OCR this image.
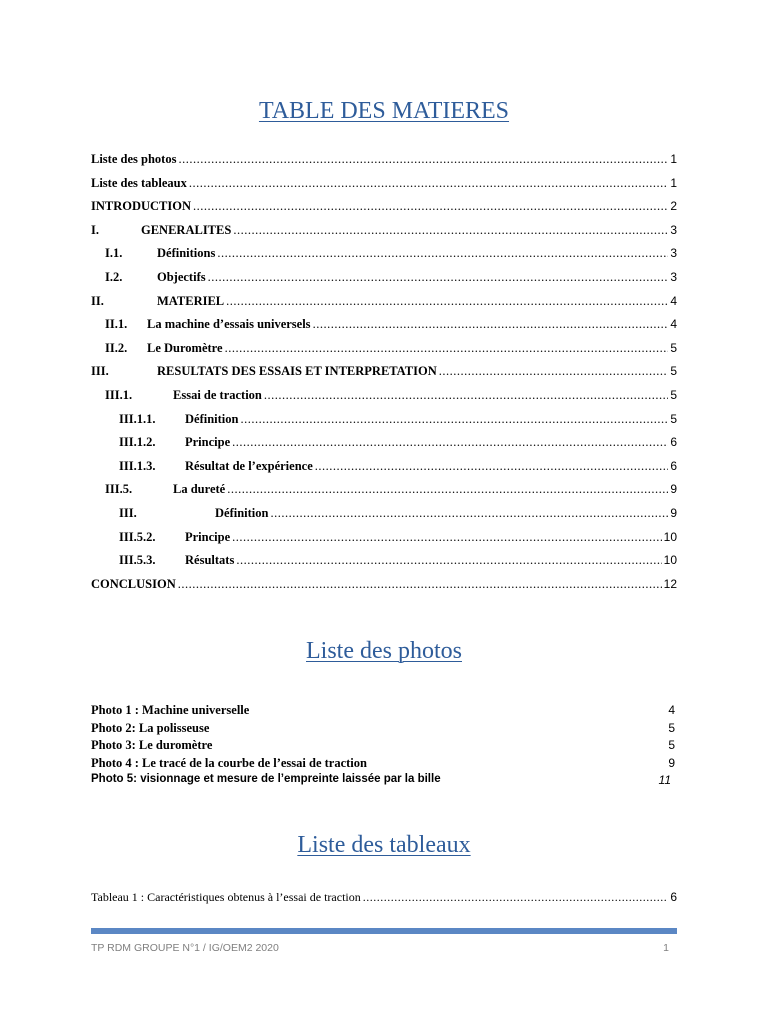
TABLE DES MATIERES
Liste des photos .....	1
Liste des tableaux .....	1
INTRODUCTION .....	2
I.	GENERALITES .....	3
I.1.	Définitions .....	3
I.2.	Objectifs .....	3
II.	MATERIEL .....	4
II.1.	La machine d’essais universels .....	4
II.2.	Le Duromètre .....	5
III.	RESULTATS DES ESSAIS ET INTERPRETATION .....	5
III.1.	Essai de traction .....	5
III.1.1.	Définition .....	5
III.1.2.	Principe .....	6
III.1.3.	Résultat de l’expérience .....	6
III.5.	La dureté .....	9
III.	Définition .....	9
III.5.2.	Principe .....	10
III.5.3.	Résultats .....	10
CONCLUSION .....	12
Liste des photos
Photo 1 : Machine universelle	4
Photo 2: La polisseuse	5
Photo 3: Le duromètre	5
Photo 4 : Le tracé de la courbe de l’essai de traction	9
Photo 5: visionnage et mesure de l’empreinte laissée par la bille	11
Liste des tableaux
Tableau 1 : Caractéristiques obtenus à l’essai de traction .....	6
TP RDM GROUPE N°1 / IG/OEM2 2020	1
